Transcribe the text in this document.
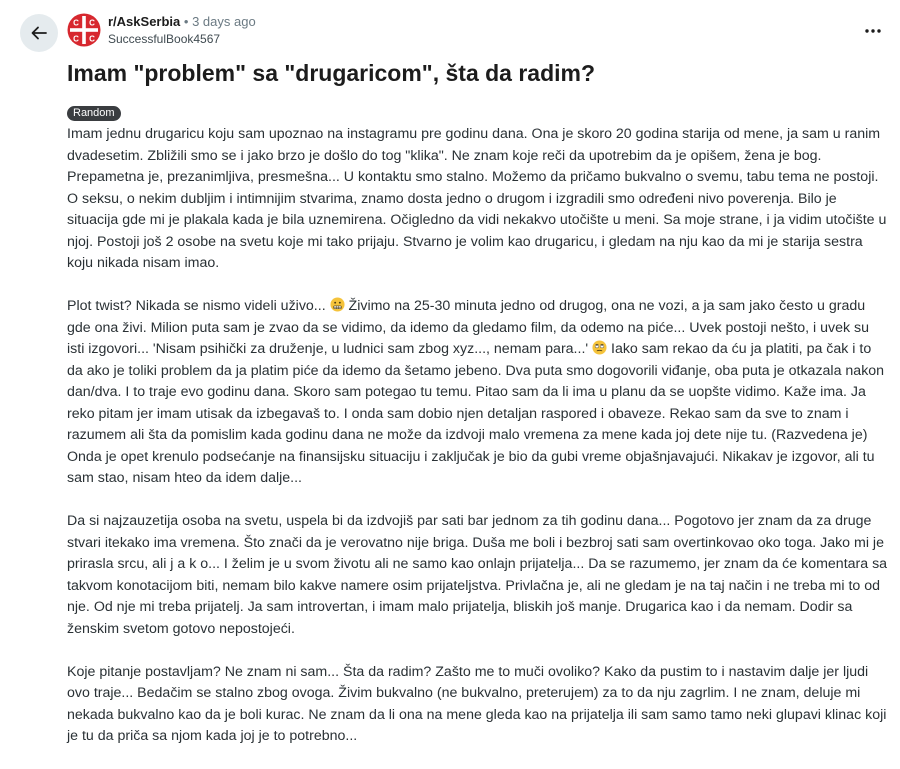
C C
C C
r/AskSerbia • 3 days ago
SuccessfulBook4567
Imam "problem" sa "drugaricom", šta da radim?
Random

Imam jednu drugaricu koju sam upoznao na instagramu pre godinu dana. Ona je skoro 20 godina starija od mene, ja sam u ranim dvadesetim. Zbližili smo se i jako brzo je došlo do tog "klika". Ne znam koje reči da upotrebim da je opišem, žena je bog. Prepametna je, prezanimljiva, presmešna... U kontaktu smo stalno. Možemo da pričamo bukvalno o svemu, tabu tema ne postoji. O seksu, o nekim dubljim i intimnijim stvarima, znamo dosta jedno o drugom i izgradili smo određeni nivo poverenja. Bilo je situacija gde mi je plakala kada je bila uznemirena. Očigledno da vidi nekakvo utočište u meni. Sa moje strane, i ja vidim utočište u njoj. Postoji još 2 osobe na svetu koje mi tako prijaju. Stvarno je volim kao drugaricu, i gledam na nju kao da mi je starija sestra koju nikada nisam imao.

Plot twist? Nikada se nismo videli uživo... Živimo na 25-30 minuta jedno od drugog, ona ne vozi, a ja sam jako često u gradu gde ona živi. Milion puta sam je zvao da se vidimo, da idemo da gledamo film, da odemo na piće... Uvek postoji nešto, i uvek su isti izgovori... 'Nisam psihički za druženje, u ludnici sam zbog xyz..., nemam para...' Iako sam rekao da ću ja platiti, pa čak i to da ako je toliki problem da ja platim piće da idemo da šetamo jebeno. Dva puta smo dogovorili viđanje, oba puta je otkazala nakon dan/dva. I to traje evo godinu dana. Skoro sam potegao tu temu. Pitao sam da li ima u planu da se uopšte vidimo. Kaže ima. Ja reko pitam jer imam utisak da izbegavaš to. I onda sam dobio njen detaljan raspored i obaveze. Rekao sam da sve to znam i razumem ali šta da pomislim kada godinu dana ne može da izdvoji malo vremena za mene kada joj dete nije tu. (Razvedena je) Onda je opet krenulo podsećanje na finansijsku situaciju i zaključak je bio da gubi vreme objašnjavajući. Nikakav je izgovor, ali tu sam stao, nisam hteo da idem dalje...

Da si najzauzetija osoba na svetu, uspela bi da izdvojiš par sati bar jednom za tih godinu dana... Pogotovo jer znam da za druge stvari itekako ima vremena. Što znači da je verovatno nije briga. Duša me boli i bezbroj sati sam overtinkovao oko toga. Jako mi je prirasla srcu, ali j a k o... I želim je u svom životu ali ne samo kao onlajn prijatelja... Da se razumemo, jer znam da će komentara sa takvom konotacijom biti, nemam bilo kakve namere osim prijateljstva. Privlačna je, ali ne gledam je na taj način i ne treba mi to od nje. Od nje mi treba prijatelj. Ja sam introvertan, i imam malo prijatelja, bliskih još manje. Drugarica kao i da nemam. Dodir sa ženskim svetom gotovo nepostojeći.

Koje pitanje postavljam? Ne znam ni sam... Šta da radim? Zašto me to muči ovoliko? Kako da pustim to i nastavim dalje jer ljudi ovo traje... Bedačim se stalno zbog ovoga. Živim bukvalno (ne bukvalno, preterujem) za to da nju zagrlim. I ne znam, deluje mi nekada bukvalno kao da je boli kurac. Ne znam da li ona na mene gleda kao na prijatelja ili sam samo tamo neki glupavi klinac koji je tu da priča sa njom kada joj je to potrebno...
